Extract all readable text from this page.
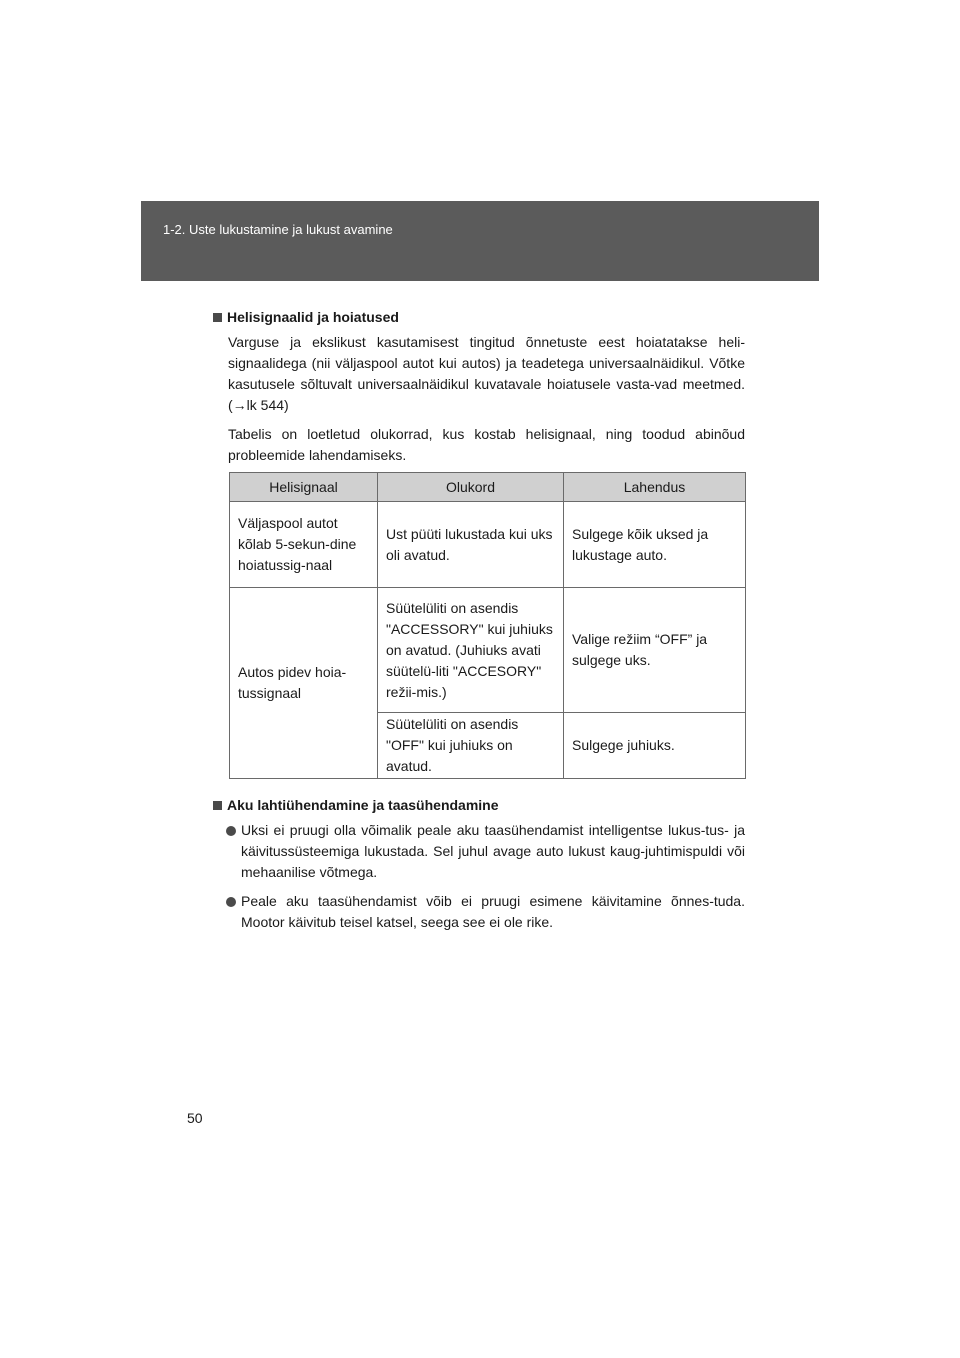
1-2. Uste lukustamine ja lukust avamine

Helisignaalid ja hoiatused

Varguse ja ekslikust kasutamisest tingitud õnnetuste eest hoiatatakse heli-signaalidega (nii väljaspool autot kui autos) ja teadetega universaalnäidikul. Võtke kasutusele sõltuvalt universaalnäidikul kuvatavale hoiatusele vasta-vad meetmed. (→lk 544)

Tabelis on loetletud olukorrad, kus kostab helisignaal, ning toodud abinõud probleemide lahendamiseks.

Helisignaal	Olukord	Lahendus
Väljaspool autot kõlab 5-sekun-dine hoiatussig-naal	Ust püüti lukustada kui uks oli avatud.	Sulgege kõik uksed ja lukustage auto.
Autos pidev hoia-tussignaal	Süütelüliti on asendis "ACCESSORY" kui juhiuks on avatud. (Juhiuks avati süütelü-liti "ACCESORY" režii-mis.)	Valige režiim “OFF” ja sulgege uks.
	Süütelüliti on asendis "OFF" kui juhiuks on avatud.	Sulgege juhiuks.

Aku lahtiühendamine ja taasühendamine

Uksi ei pruugi olla võimalik peale aku taasühendamist intelligentse lukus-tus- ja käivitussüsteemiga lukustada. Sel juhul avage auto lukust kaug-juhtimispuldi või mehaanilise võtmega.
Peale aku taasühendamist võib ei pruugi esimene käivitamine õnnes-tuda. Mootor käivitub teisel katsel, seega see ei ole rike.
50
